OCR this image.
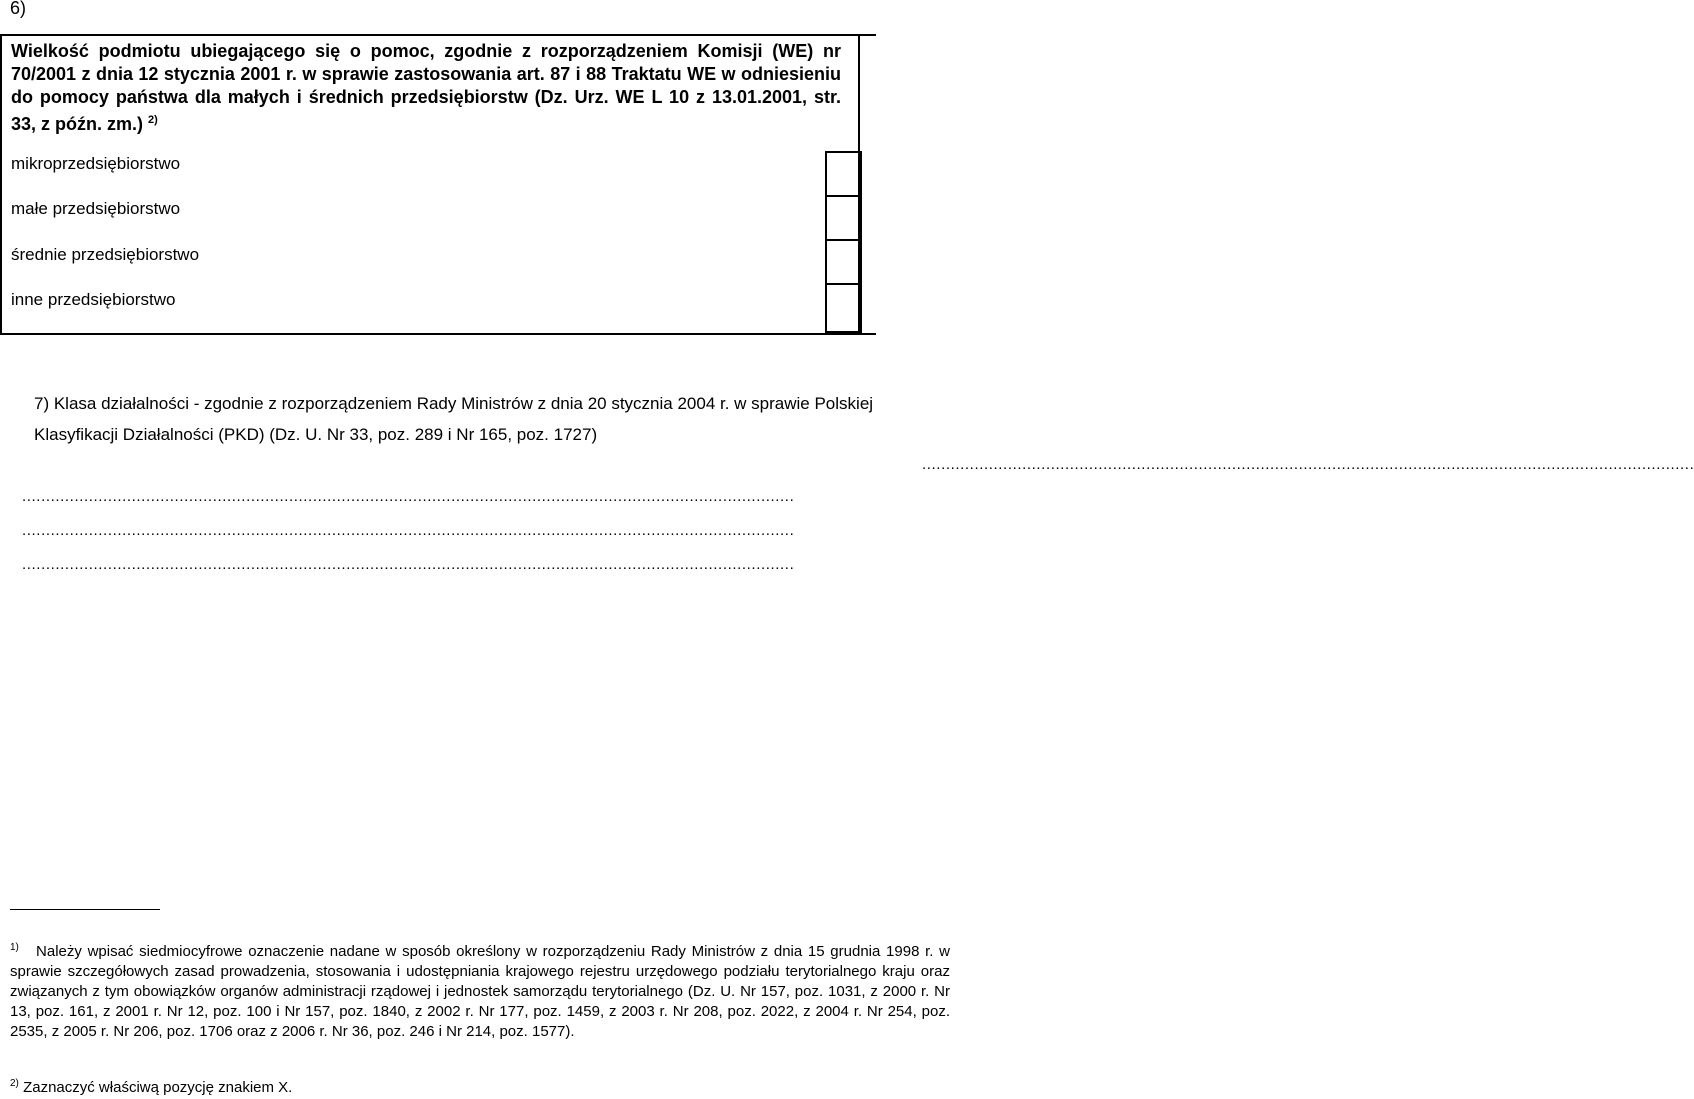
6)
Wielkość podmiotu ubiegającego się o pomoc, zgodnie z rozporządzeniem Komisji (WE) nr 70/2001 z dnia 12 stycznia 2001 r. w sprawie zastosowania art. 87 i 88 Traktatu WE w odniesieniu do pomocy państwa dla małych i średnich przedsiębiorstw (Dz. Urz. WE L 10 z 13.01.2001, str. 33, z późn. zm.) $^{2)}$
mikroprzedsiębiorstwo
małe przedsiębiorstwo
średnie przedsiębiorstwo
inne przedsiębiorstwo
7) Klasa działalności - zgodnie z rozporządzeniem Rady Ministrów z dnia 20 stycznia 2004 r. w sprawie Polskiej Klasyfikacji Działalności (PKD) (Dz. U. Nr 33, poz. 289 i Nr 165, poz. 1727)
..................................................................................................................................................................
..................................................................................................................................................................
..................................................................................................................................................................
..................................................................................................................................................................
$^{1)}$ Należy wpisać siedmiocyfrowe oznaczenie nadane w sposób określony w rozporządzeniu Rady Ministrów z dnia 15 grudnia 1998 r. w sprawie szczegółowych zasad prowadzenia, stosowania i udostępniania krajowego rejestru urzędowego podziału terytorialnego kraju oraz związanych z tym obowiązków organów administracji rządowej i jednostek samorządu terytorialnego (Dz. U. Nr 157, poz. 1031, z 2000 r. Nr 13, poz. 161, z 2001 r. Nr 12, poz. 100 i Nr 157, poz. 1840, z 2002 r. Nr 177, poz. 1459, z 2003 r. Nr 208, poz. 2022, z 2004 r. Nr 254, poz. 2535, z 2005 r. Nr 206, poz. 1706 oraz z 2006 r. Nr 36, poz. 246 i Nr 214, poz. 1577).
$^{2)}$ Zaznaczyć właściwą pozycję znakiem X.
